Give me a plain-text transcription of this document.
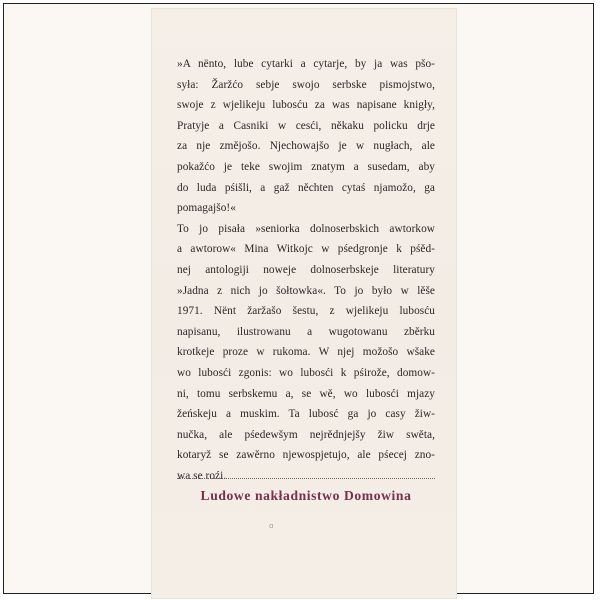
»A nënto, lube cytarki a cytarje, by ja was pšo-
syła: Žaržćo sebje swojo serbske pismojstwo,
swoje z wjelikeju lubosću za was napisane knigły,
Pratyje a Casniki w cesći, někaku policku drje
za nje změjošo. Njechowajšo je w nugłach, ale
pokažćo je teke swojim znatym a susedam, aby
do luda pśišli, a gaž něchten cytaś njamožo, ga
pomagajšo!«
To jo pisała »seniorka dolnoserbskich awtorkow
a awtorow« Mina Witkojc w pśedgronje k pśěd-
nej antologiji noweje dolnoserbskeje literatury
»Jadna z nich jo šołtowka«. To jo było w lěše
1971. Nënt žaržašo šestu, z wjelikeju lubosću
napisanu, ilustrowanu a wugotowanu zběrku
krotkeje proze w rukoma. W njej možošo wšake
wo lubosći zgonis: wo lubosći k pśirože, domow-
ni, tomu serbskemu a, se wě, wo lubosći mjazy
žeńskeju a muskim. Ta lubosć ga jo casy žiw-
nučka, ale pśedewšym nejrědnjejšy žiw swěta,
kotaryž se zawěrno njewospjetujo, ale pśecej zno-
wa se roźi.
Ludowe nakładnistwo Domowina
ɑ
